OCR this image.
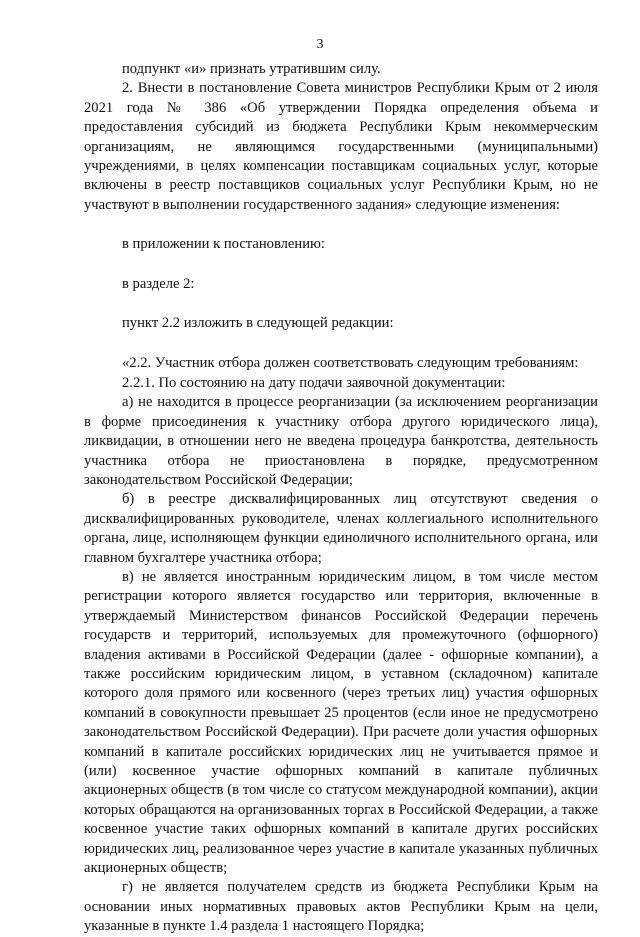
3

подпункт «и» признать утратившим силу.

2. Внести в постановление Совета министров Республики Крым от 2 июля 2021 года № 386 «Об утверждении Порядка определения объема и предоставления субсидий из бюджета Республики Крым некоммерческим организациям, не являющимся государственными (муниципальными) учреждениями, в целях компенсации поставщикам социальных услуг, которые включены в реестр поставщиков социальных услуг Республики Крым, но не участвуют в выполнении государственного задания» следующие изменения:

в приложении к постановлению:

в разделе 2:

пункт 2.2 изложить в следующей редакции:

«2.2. Участник отбора должен соответствовать следующим требованиям:

2.2.1. По состоянию на дату подачи заявочной документации:

а) не находится в процессе реорганизации (за исключением реорганизации в форме присоединения к участнику отбора другого юридического лица), ликвидации, в отношении него не введена процедура банкротства, деятельность участника отбора не приостановлена в порядке, предусмотренном законодательством Российской Федерации;

б) в реестре дисквалифицированных лиц отсутствуют сведения о дисквалифицированных руководителе, членах коллегиального исполнительного органа, лице, исполняющем функции единоличного исполнительного органа, или главном бухгалтере участника отбора;

в) не является иностранным юридическим лицом, в том числе местом регистрации которого является государство или территория, включенные в утверждаемый Министерством финансов Российской Федерации перечень государств и территорий, используемых для промежуточного (офшорного) владения активами в Российской Федерации (далее - офшорные компании), а также российским юридическим лицом, в уставном (складочном) капитале которого доля прямого или косвенного (через третьих лиц) участия офшорных компаний в совокупности превышает 25 процентов (если иное не предусмотрено законодательством Российской Федерации). При расчете доли участия офшорных компаний в капитале российских юридических лиц не учитывается прямое и (или) косвенное участие офшорных компаний в капитале публичных акционерных обществ (в том числе со статусом международной компании), акции которых обращаются на организованных торгах в Российской Федерации, а также косвенное участие таких офшорных компаний в капитале других российских юридических лиц, реализованное через участие в капитале указанных публичных акционерных обществ;

г) не является получателем средств из бюджета Республики Крым на основании иных нормативных правовых актов Республики Крым на цели, указанные в пункте 1.4 раздела 1 настоящего Порядка;
